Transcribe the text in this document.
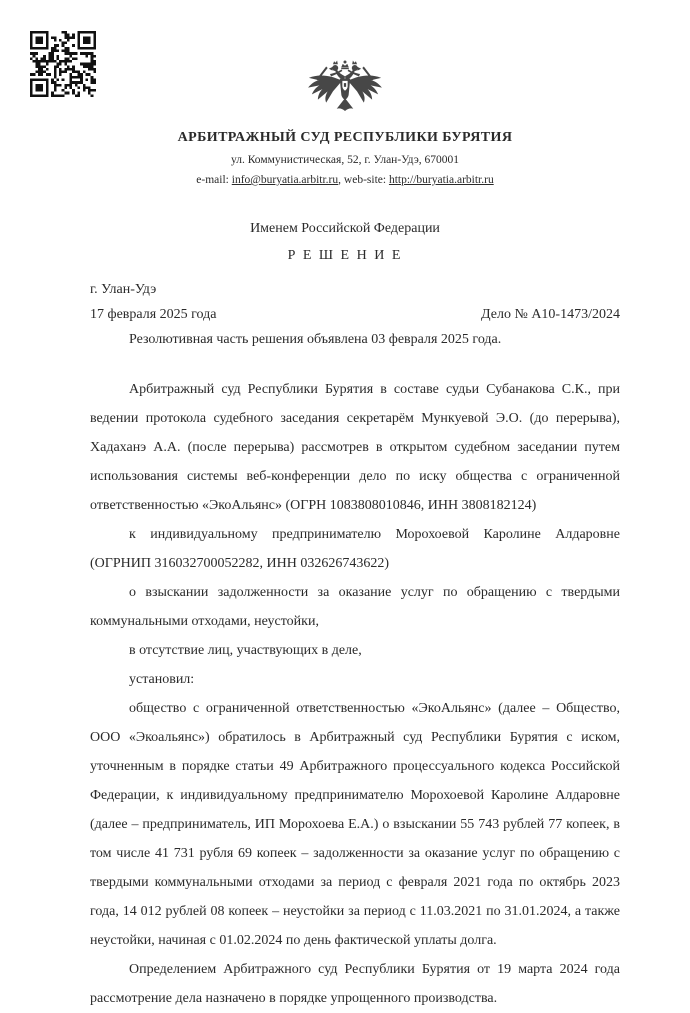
АРБИТРАЖНЫЙ СУД РЕСПУБЛИКИ БУРЯТИЯ
ул. Коммунистическая, 52, г. Улан-Удэ, 670001
e-mail: info@buryatia.arbitr.ru, web-site: http://buryatia.arbitr.ru
Именем Российской Федерации
Р Е Ш Е Н И Е
г. Улан-Удэ
17 февраля 2025 года	Дело № А10-1473/2024
Резолютивная часть решения объявлена 03 февраля 2025 года.

Арбитражный суд Республики Бурятия в составе судьи Субанакова С.К., при ведении протокола судебного заседания секретарём Мункуевой Э.О. (до перерыва), Хадаханэ А.А. (после перерыва) рассмотрев в открытом судебном заседании путем использования системы веб-конференции дело по иску общества с ограниченной ответственностью «ЭкоАльянс» (ОГРН 1083808010846, ИНН 3808182124)

к индивидуальному предпринимателю Морохоевой Каролине Алдаровне (ОГРНИП 316032700052282, ИНН 032626743622)

о взыскании задолженности за оказание услуг по обращению с твердыми коммунальными отходами, неустойки,

в отсутствие лиц, участвующих в деле,

установил:

общество с ограниченной ответственностью «ЭкоАльянс» (далее – Общество, ООО «Экоальянс») обратилось в Арбитражный суд Республики Бурятия с иском, уточненным в порядке статьи 49 Арбитражного процессуального кодекса Российской Федерации, к индивидуальному предпринимателю Морохоевой Каролине Алдаровне (далее – предприниматель, ИП Морохоева Е.А.) о взыскании 55 743 рублей 77 копеек, в том числе 41 731 рубля 69 копеек – задолженности за оказание услуг по обращению с твердыми коммунальными отходами за период с февраля 2021 года по октябрь 2023 года, 14 012 рублей 08 копеек – неустойки за период с 11.03.2021 по 31.01.2024, а также неустойки, начиная с 01.02.2024 по день фактической уплаты долга.

Определением Арбитражного суд Республики Бурятия от 19 марта 2024 года рассмотрение дела назначено в порядке упрощенного производства.
